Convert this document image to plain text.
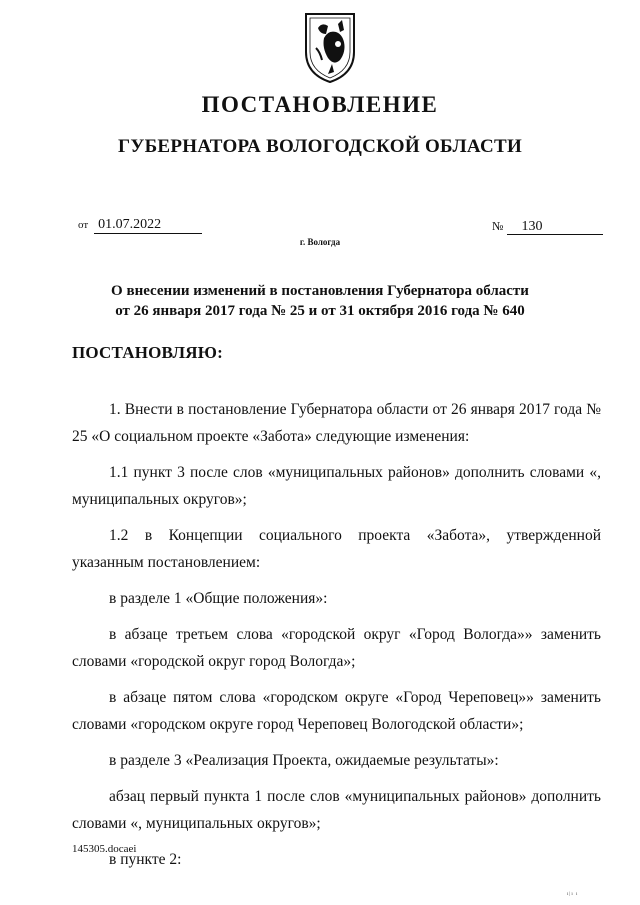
ПОСТАНОВЛЕНИЕ
ГУБЕРНАТОРА ВОЛОГОДСКОЙ ОБЛАСТИ
от 01.07.2022	№ 130
г. Вологда
О внесении изменений в постановления Губернатора области
от 26 января 2017 года № 25 и от 31 октября 2016 года № 640
ПОСТАНОВЛЯЮ:

1. Внести в постановление Губернатора области от 26 января 2017 года № 25 «О социальном проекте «Забота» следующие изменения:

1.1 пункт 3 после слов «муниципальных районов» дополнить словами «, муниципальных округов»;

1.2 в Концепции социального проекта «Забота», утвержденной указанным постановлением:

в разделе 1 «Общие положения»:

в абзаце третьем слова «городской округ «Город Вологда»» заменить словами «городской округ город Вологда»;

в абзаце пятом слова «городском округе «Город Череповец»» заменить словами «городском округе город Череповец Вологодской области»;

в разделе 3 «Реализация Проекта, ожидаемые результаты»:

абзац первый пункта 1 после слов «муниципальных районов» дополнить словами «, муниципальных округов»;

в пункте 2:

145305.docaei
ı|ı ı
